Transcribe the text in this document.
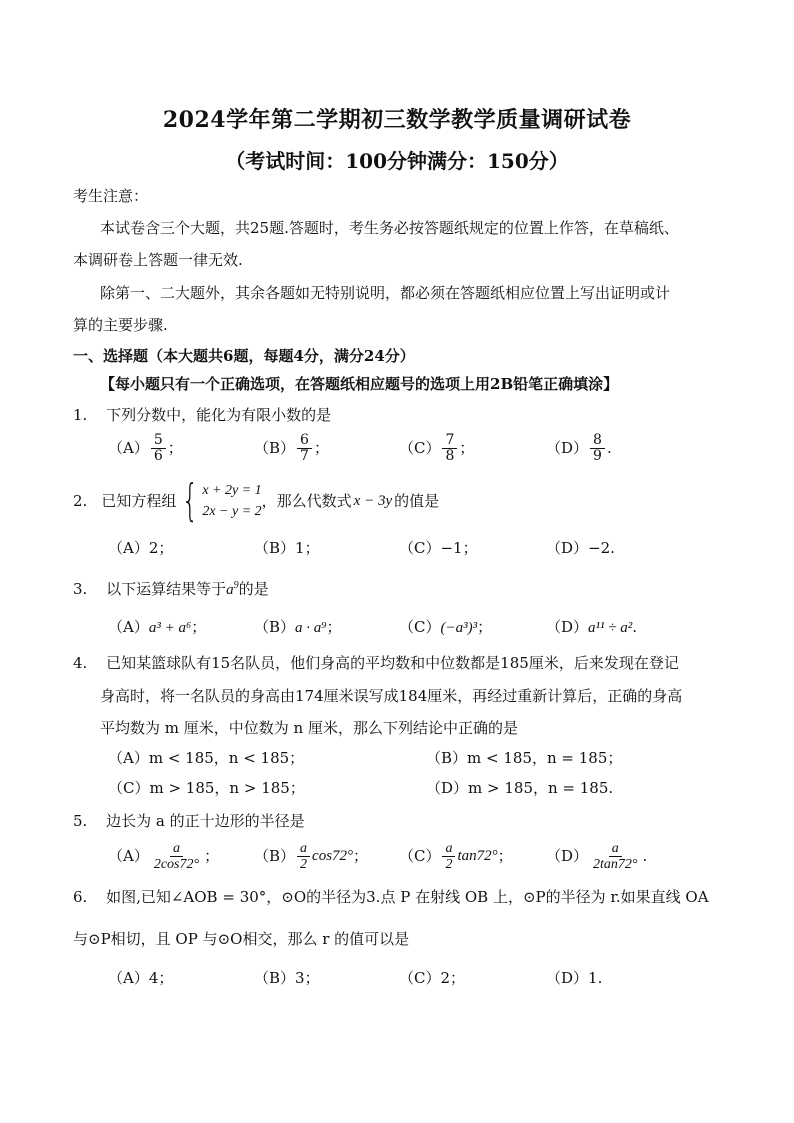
2024学年第二学期初三数学教学质量调研试卷
（考试时间：100分钟满分：150分）
考生注意：
本试卷含三个大题，共25题.答题时，考生务必按答题纸规定的位置上作答，在草稿纸、
本调研卷上答题一律无效.
除第一、二大题外，其余各题如无特别说明，都必须在答题纸相应位置上写出证明或计
算的主要步骤.
一、选择题（本大题共6题，每题4分，满分24分）
【每小题只有一个正确选项，在答题纸相应题号的选项上用2B铅笔正确填涂】
1. 下列分数中，能化为有限小数的是
$(A) \frac{5}{6}$ ；	$(B) \frac{6}{7}$ ；	$(C) \frac{7}{8}$ ；	$(D) \frac{8}{9}$ .
2. 已知方程组 { x + 2y = 1
2x − y = 2
，那么代数式 x − 3y 的值是
（A）2；	（B）1；	（C）−1；	（D）−2.
3. 以下运算结果等于$a^9$的是
（A）a³ + a⁶；	（B）a · a⁹；	（C）(−a³)³；	（D）a¹¹ ÷ a².
4. 已知某篮球队有15名队员，他们身高的平均数和中位数都是185厘米，后来发现在登记
身高时，将一名队员的身高由174厘米误写成184厘米，再经过重新计算后，正确的身高
平均数为 m 厘米，中位数为 n 厘米，那么下列结论中正确的是
（A）m < 185，n < 185；	（B）m < 185，n = 185；
（C）m > 185，n > 185；	（D）m > 185，n = 185.
5. 边长为 a 的正十边形的半径是
$(A) \frac{a}{2\cos 72^\circ}$ ； $(B) \frac{a}{2} \cos 72^\circ$ ； $(C) \frac{a}{2} \tan 72^\circ$ ； $(D) \frac{a}{2\tan 72^\circ}$ .
6. 如图,已知∠AOB = 30°，⊙O的半径为3.点 P 在射线 OB 上，⊙P的半径为 r.如果直线 OA
与⊙P相切，且 OP 与⊙O相交，那么 r 的值可以是
（A）4；	（B）3；	（C）2；	（D）1.
